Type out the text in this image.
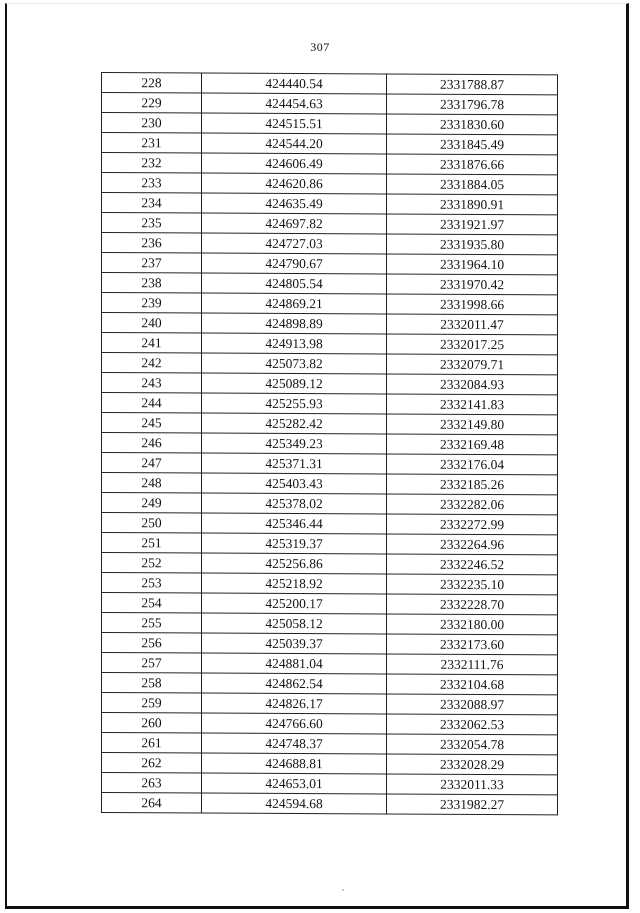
307
228	424440.54	2331788.87
229	424454.63	2331796.78
230	424515.51	2331830.60
231	424544.20	2331845.49
232	424606.49	2331876.66
233	424620.86	2331884.05
234	424635.49	2331890.91
235	424697.82	2331921.97
236	424727.03	2331935.80
237	424790.67	2331964.10
238	424805.54	2331970.42
239	424869.21	2331998.66
240	424898.89	2332011.47
241	424913.98	2332017.25
242	425073.82	2332079.71
243	425089.12	2332084.93
244	425255.93	2332141.83
245	425282.42	2332149.80
246	425349.23	2332169.48
247	425371.31	2332176.04
248	425403.43	2332185.26
249	425378.02	2332282.06
250	425346.44	2332272.99
251	425319.37	2332264.96
252	425256.86	2332246.52
253	425218.92	2332235.10
254	425200.17	2332228.70
255	425058.12	2332180.00
256	425039.37	2332173.60
257	424881.04	2332111.76
258	424862.54	2332104.68
259	424826.17	2332088.97
260	424766.60	2332062.53
261	424748.37	2332054.78
262	424688.81	2332028.29
263	424653.01	2332011.33
264	424594.68	2331982.27
